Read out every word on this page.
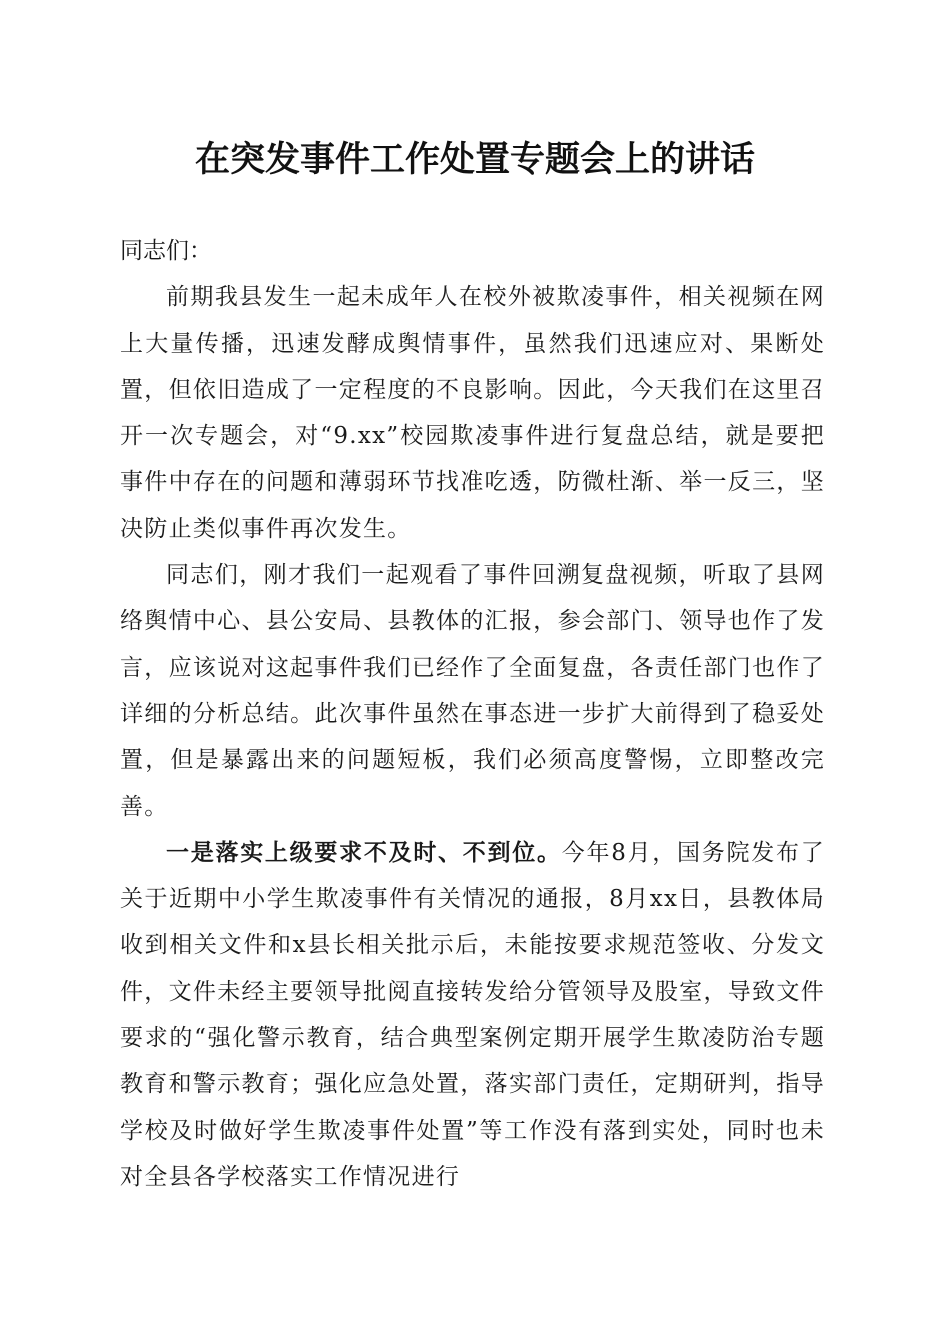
在突发事件工作处置专题会上的讲话

同志们：

前期我县发生一起未成年人在校外被欺凌事件，相关视频在网上大量传播，迅速发酵成舆情事件，虽然我们迅速应对、果断处置，但依旧造成了一定程度的不良影响。因此，今天我们在这里召开一次专题会，对“9.xx”校园欺凌事件进行复盘总结，就是要把事件中存在的问题和薄弱环节找准吃透，防微杜渐、举一反三，坚决防止类似事件再次发生。

同志们，刚才我们一起观看了事件回溯复盘视频，听取了县网络舆情中心、县公安局、县教体的汇报，参会部门、领导也作了发言，应该说对这起事件我们已经作了全面复盘，各责任部门也作了详细的分析总结。此次事件虽然在事态进一步扩大前得到了稳妥处置，但是暴露出来的问题短板，我们必须高度警惕，立即整改完善。

一是落实上级要求不及时、不到位。今年8月，国务院发布了关于近期中小学生欺凌事件有关情况的通报，8月xx日，县教体局收到相关文件和x县长相关批示后，未能按要求规范签收、分发文件，文件未经主要领导批阅直接转发给分管领导及股室，导致文件要求的“强化警示教育，结合典型案例定期开展学生欺凌防治专题教育和警示教育；强化应急处置，落实部门责任，定期研判，指导学校及时做好学生欺凌事件处置”等工作没有落到实处，同时也未对全县各学校落实工作情况进行
